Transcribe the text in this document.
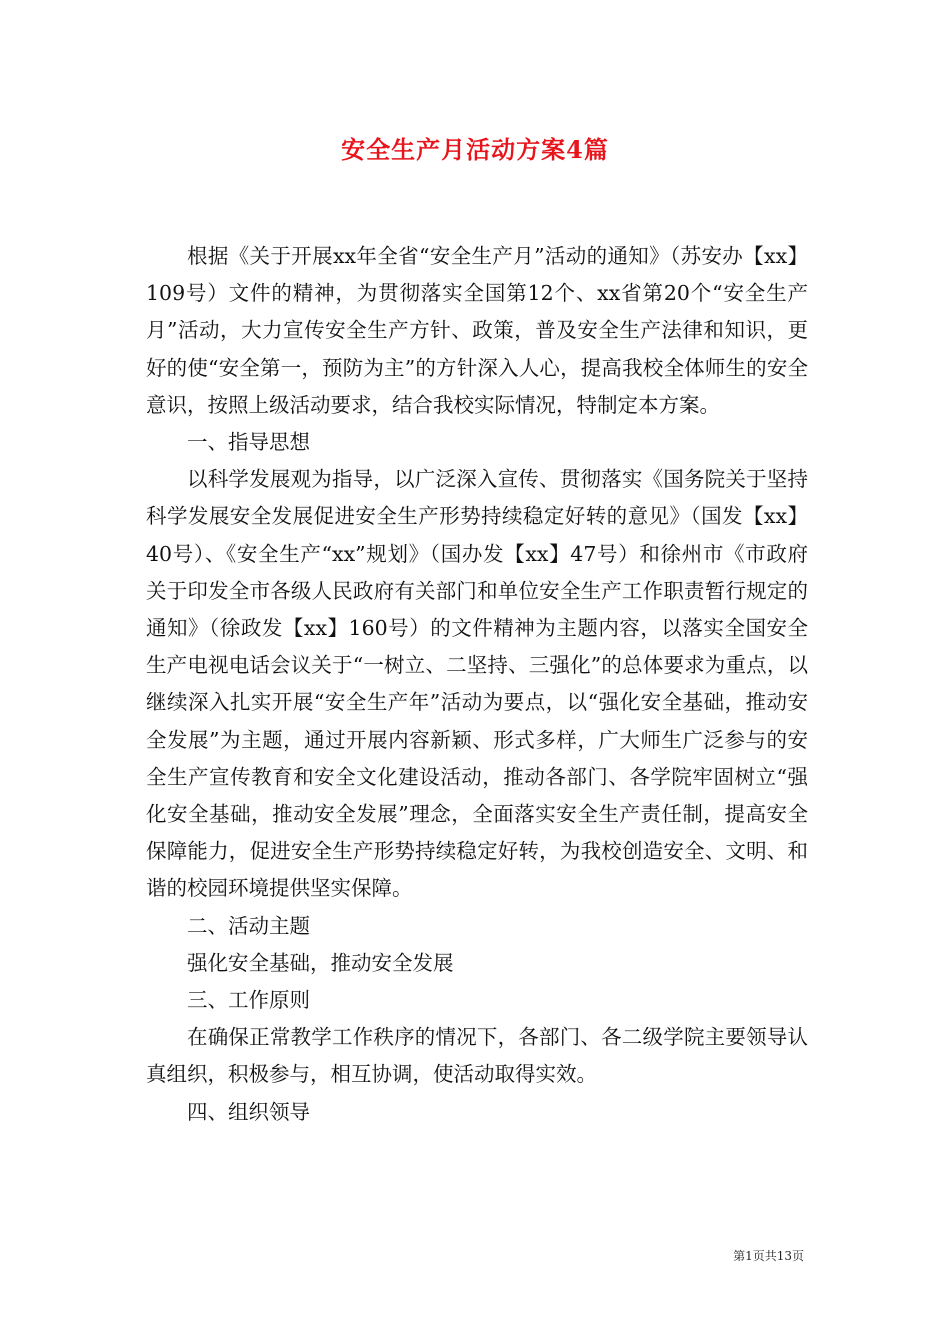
安全生产月活动方案4篇

根据《关于开展xx年全省“安全生产月”活动的通知》（苏安办【xx】109号）文件的精神，为贯彻落实全国第12个、xx省第20个“安全生产月”活动，大力宣传安全生产方针、政策，普及安全生产法律和知识，更好的使“安全第一，预防为主”的方针深入人心，提高我校全体师生的安全意识，按照上级活动要求，结合我校实际情况，特制定本方案。

一、指导思想

以科学发展观为指导，以广泛深入宣传、贯彻落实《国务院关于坚持科学发展安全发展促进安全生产形势持续稳定好转的意见》（国发【xx】40号）、《安全生产“xx”规划》（国办发【xx】47号）和徐州市《市政府关于印发全市各级人民政府有关部门和单位安全生产工作职责暂行规定的通知》（徐政发【xx】160号）的文件精神为主题内容，以落实全国安全生产电视电话会议关于“一树立、二坚持、三强化”的总体要求为重点，以继续深入扎实开展“安全生产年”活动为要点，以“强化安全基础，推动安全发展”为主题，通过开展内容新颖、形式多样，广大师生广泛参与的安全生产宣传教育和安全文化建设活动，推动各部门、各学院牢固树立“强化安全基础，推动安全发展”理念，全面落实安全生产责任制，提高安全保障能力，促进安全生产形势持续稳定好转，为我校创造安全、文明、和谐的校园环境提供坚实保障。

二、活动主题

强化安全基础，推动安全发展

三、工作原则

在确保正常教学工作秩序的情况下，各部门、各二级学院主要领导认真组织，积极参与，相互协调，使活动取得实效。

四、组织领导

第1页共13页
